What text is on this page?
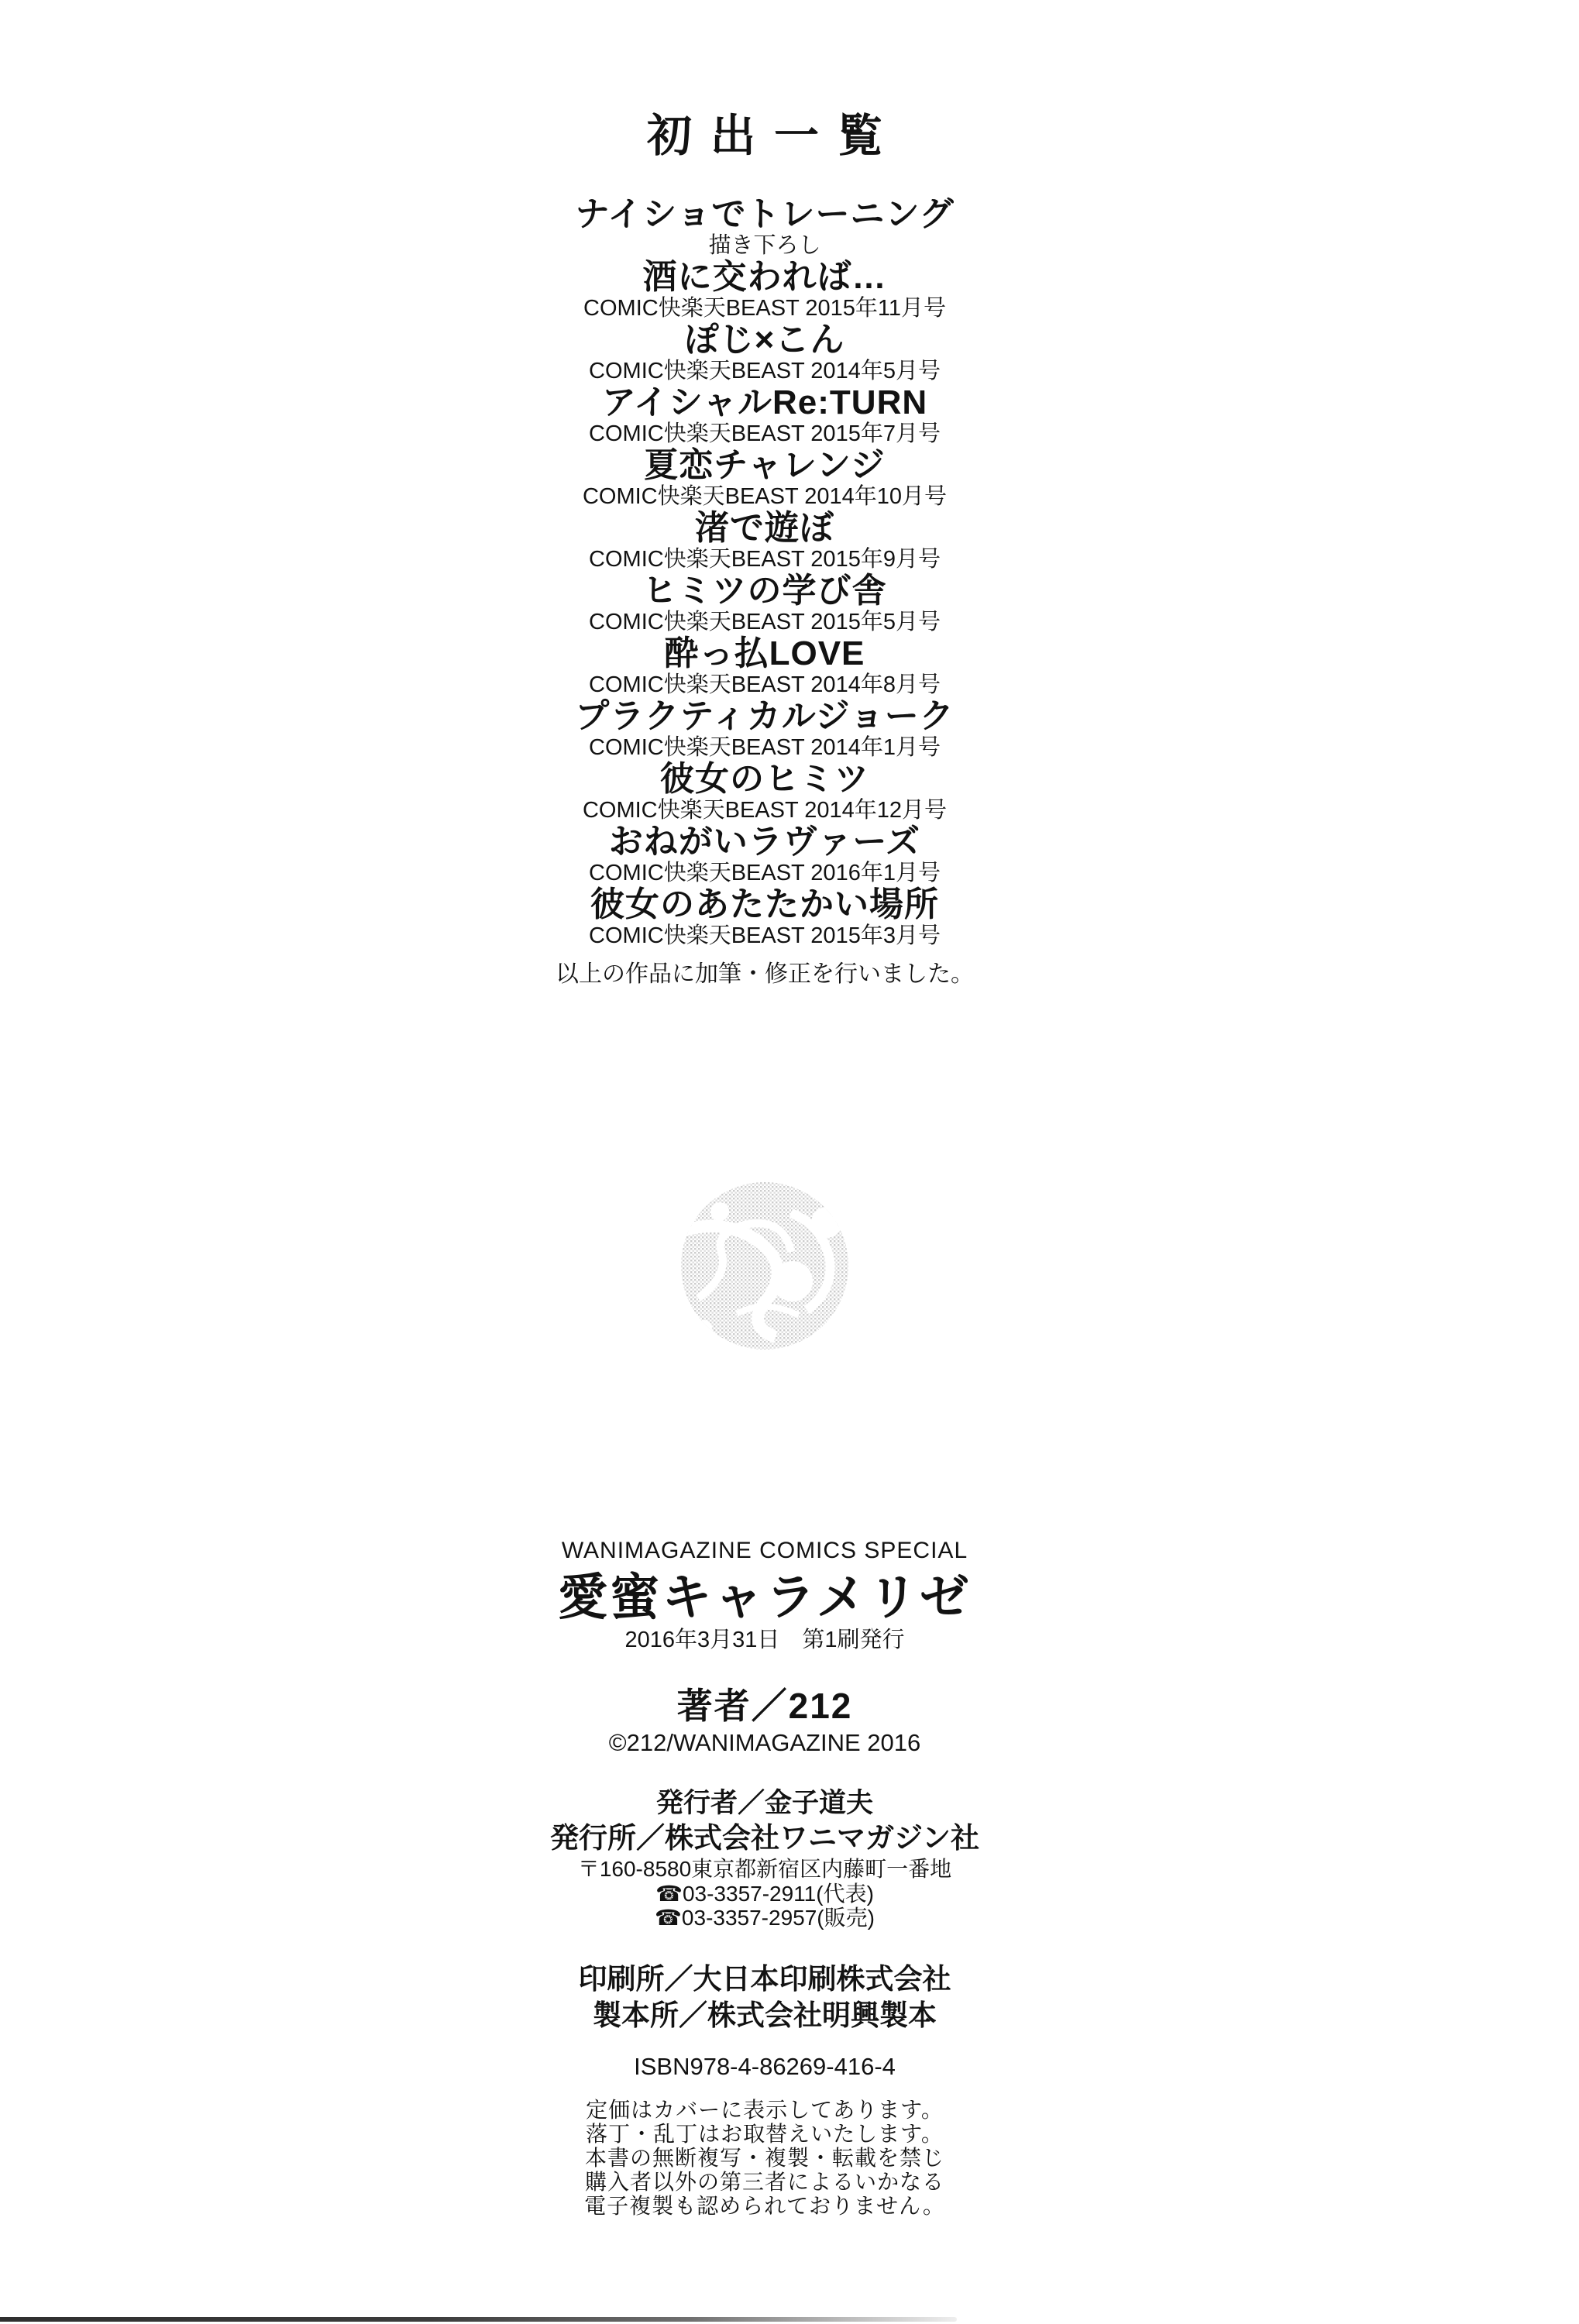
初出一覧
ナイショでトレーニング
描き下ろし
酒に交われば…
COMIC快楽天BEAST 2015年11月号
ぽじ×こん
COMIC快楽天BEAST 2014年5月号
アイシャルRe:TURN
COMIC快楽天BEAST 2015年7月号
夏恋チャレンジ
COMIC快楽天BEAST 2014年10月号
渚で遊ぼ
COMIC快楽天BEAST 2015年9月号
ヒミツの学び舎
COMIC快楽天BEAST 2015年5月号
酔っ払LOVE
COMIC快楽天BEAST 2014年8月号
プラクティカルジョーク
COMIC快楽天BEAST 2014年1月号
彼女のヒミツ
COMIC快楽天BEAST 2014年12月号
おねがいラヴァーズ
COMIC快楽天BEAST 2016年1月号
彼女のあたたかい場所
COMIC快楽天BEAST 2015年3月号
以上の作品に加筆・修正を行いました。
WANIMAGAZINE COMICS SPECIAL
愛蜜キャラメリゼ
2016年3月31日　第1刷発行
著者／212
©212/WANIMAGAZINE 2016
発行者／金子道夫
発行所／株式会社ワニマガジン社
〒160-8580東京都新宿区内藤町一番地
☎03-3357-2911(代表)
☎03-3357-2957(販売)
印刷所／大日本印刷株式会社
製本所／株式会社明興製本
ISBN978-4-86269-416-4
定価はカバーに表示してあります。
落丁・乱丁はお取替えいたします。
本書の無断複写・複製・転載を禁じ
購入者以外の第三者によるいかなる
電子複製も認められておりません。
